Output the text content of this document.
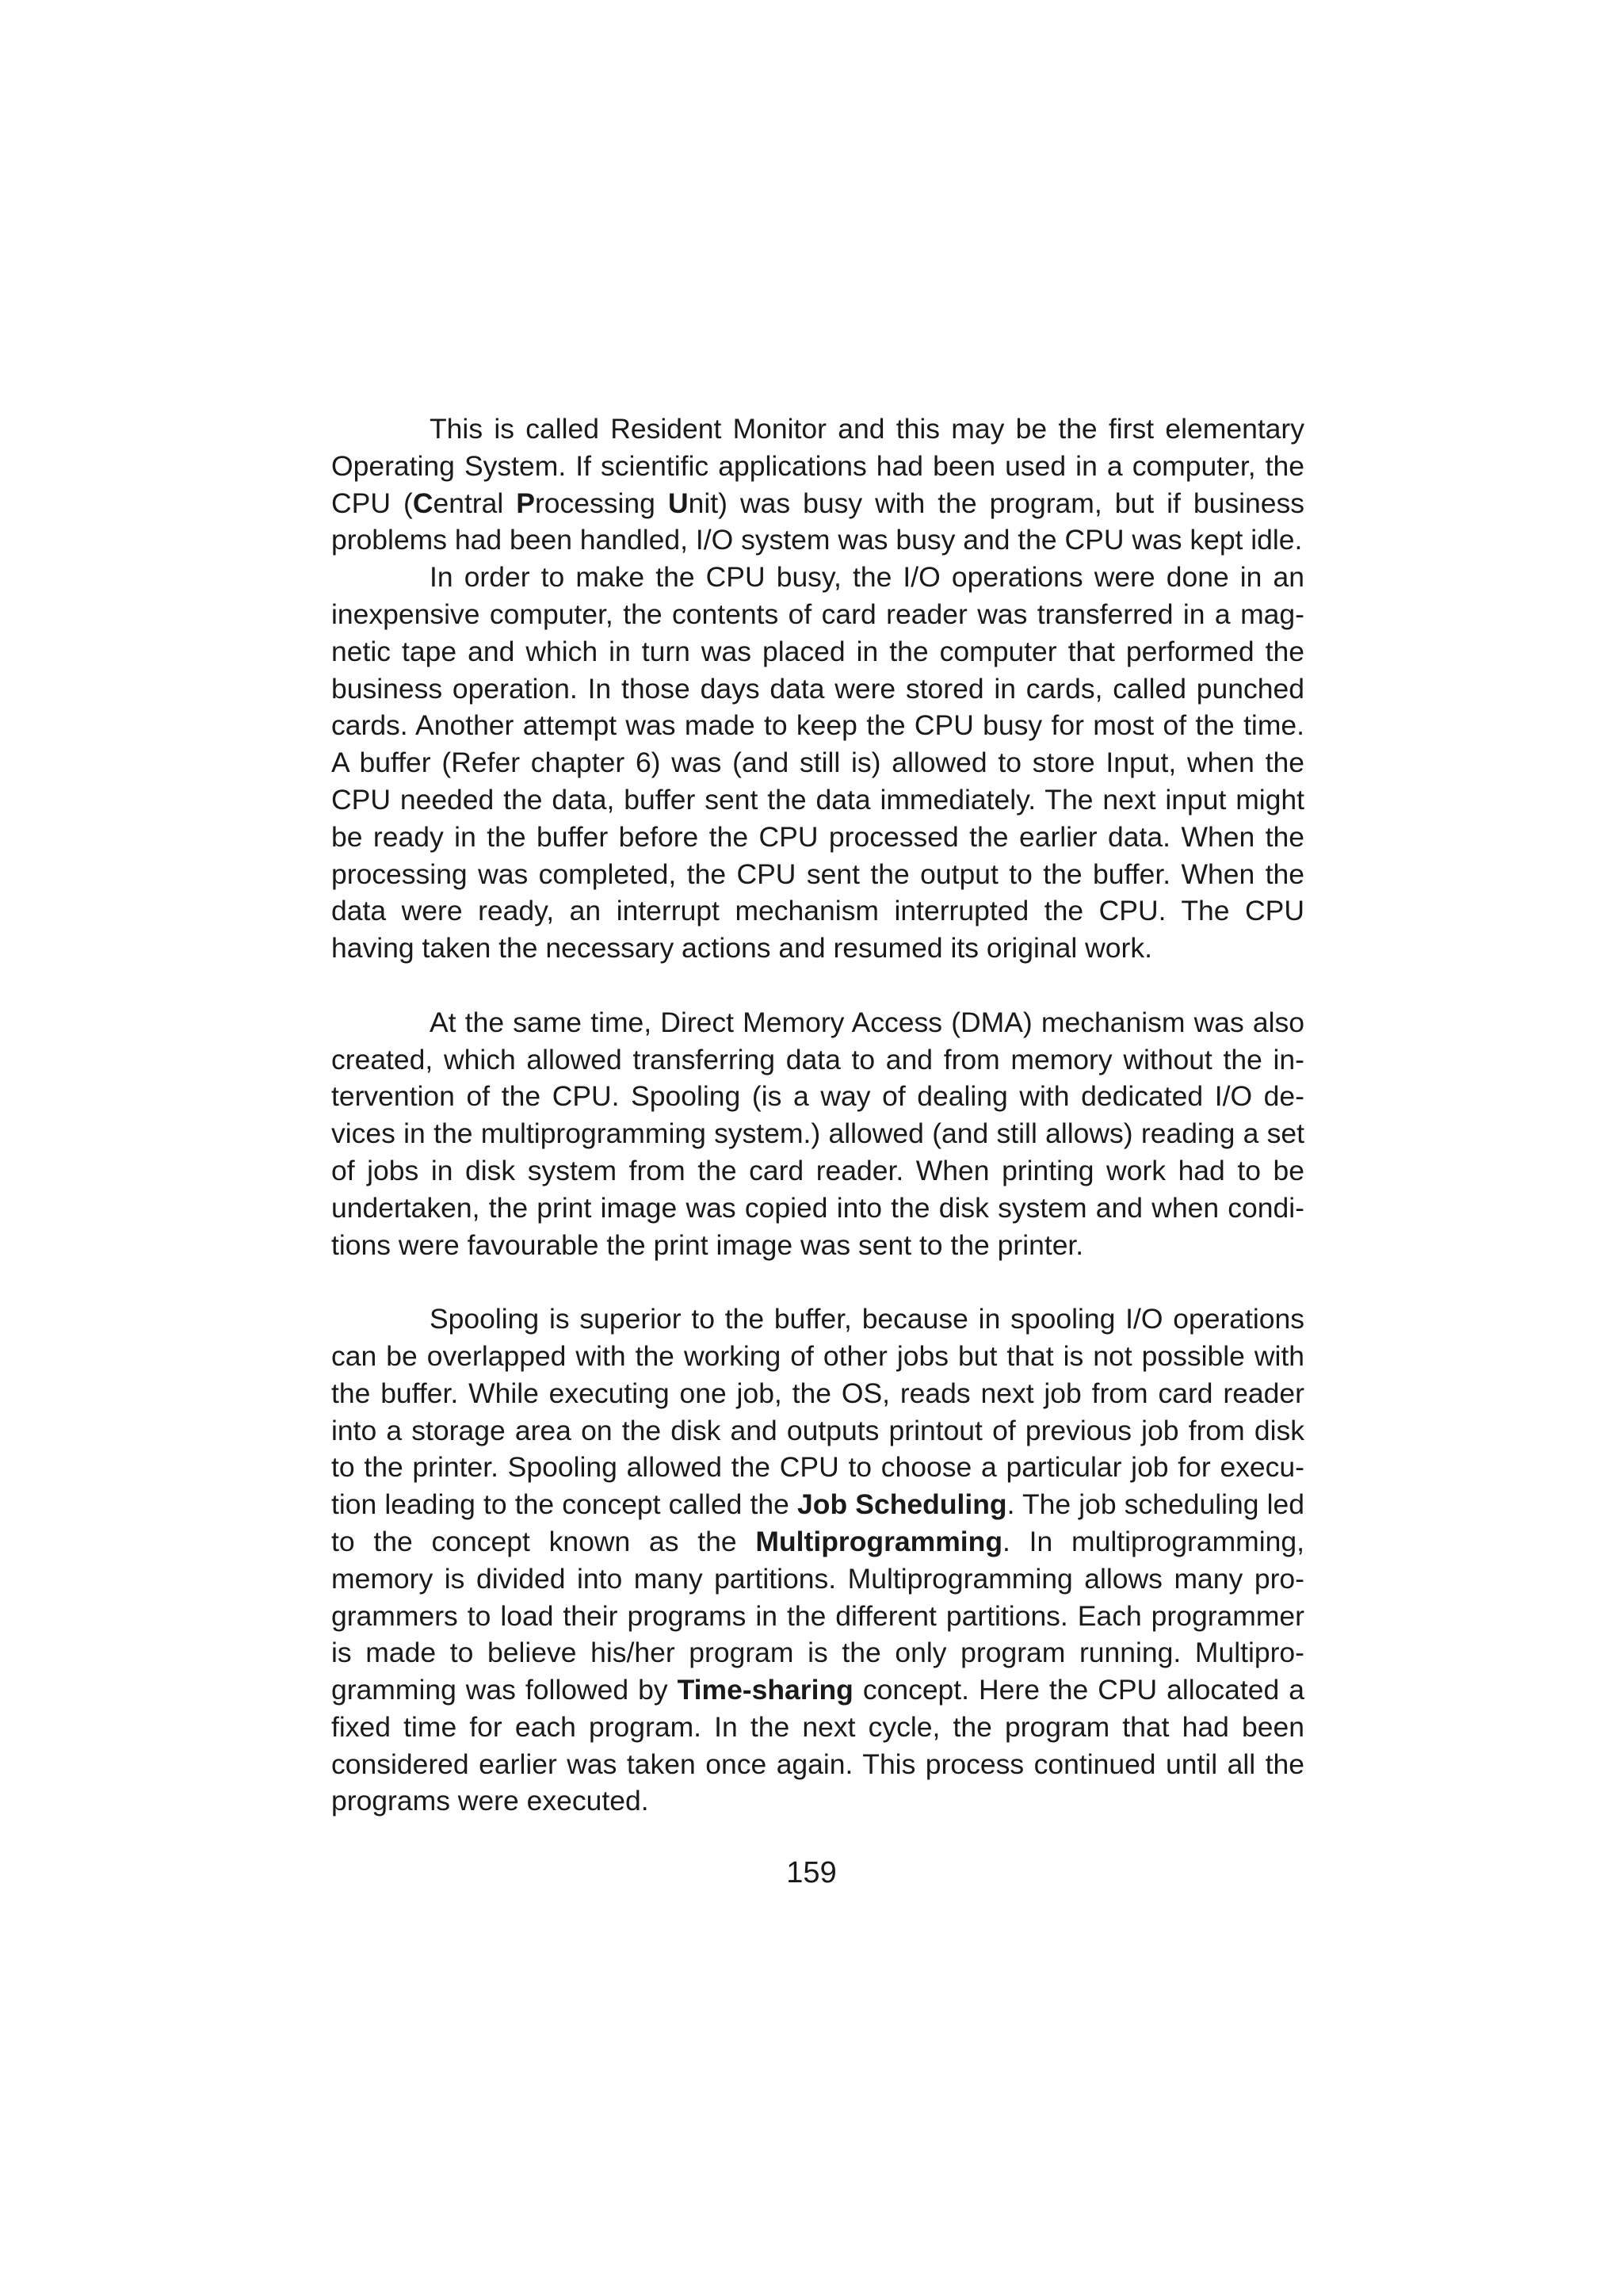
This is called Resident Monitor and this may be the first elementary Operating System. If scientific applications had been used in a computer, the CPU (Central Processing Unit) was busy with the program, but if business problems had been handled, I/O system was busy and the CPU was kept idle.

In order to make the CPU busy, the I/O operations were done in an inexpensive computer, the contents of card reader was transferred in a magnetic tape and which in turn was placed in the computer that performed the business operation. In those days data were stored in cards, called punched cards. Another attempt was made to keep the CPU busy for most of the time. A buffer (Refer chapter 6) was (and still is) allowed to store Input, when the CPU needed the data, buffer sent the data immediately. The next input might be ready in the buffer before the CPU processed the earlier data. When the processing was completed, the CPU sent the output to the buffer. When the data were ready, an interrupt mechanism interrupted the CPU. The CPU having taken the necessary actions and resumed its original work.

At the same time, Direct Memory Access (DMA) mechanism was also created, which allowed transferring data to and from memory without the intervention of the CPU. Spooling (is a way of dealing with dedicated I/O devices in the multiprogramming system.) allowed (and still allows) reading a set of jobs in disk system from the card reader. When printing work had to be undertaken, the print image was copied into the disk system and when conditions were favourable the print image was sent to the printer.

Spooling is superior to the buffer, because in spooling I/O operations can be overlapped with the working of other jobs but that is not possible with the buffer. While executing one job, the OS, reads next job from card reader into a storage area on the disk and outputs printout of previous job from disk to the printer. Spooling allowed the CPU to choose a particular job for execution leading to the concept called the Job Scheduling. The job scheduling led to the concept known as the Multiprogramming. In multiprogramming, memory is divided into many partitions. Multiprogramming allows many programmers to load their programs in the different partitions. Each programmer is made to believe his/her program is the only program running. Multiprogramming was followed by Time-sharing concept. Here the CPU allocated a fixed time for each program. In the next cycle, the program that had been considered earlier was taken once again. This process continued until all the programs were executed.

159
